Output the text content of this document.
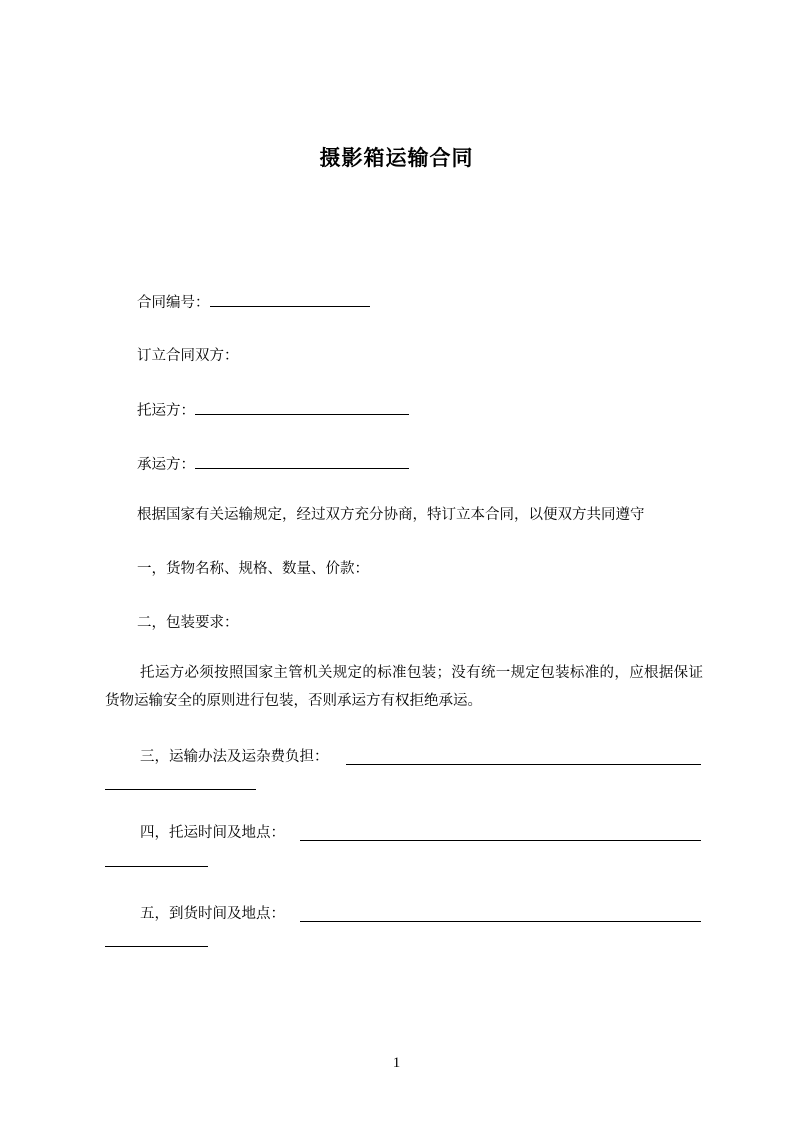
摄影箱运输合同
合同编号：
订立合同双方：
托运方：
承运方：
根据国家有关运输规定，经过双方充分协商，特订立本合同，以便双方共同遵守
一，货物名称、规格、数量、价款：
二，包装要求：
托运方必须按照国家主管机关规定的标准包装；没有统一规定包装标准的，应根据保证货物运输安全的原则进行包装，否则承运方有权拒绝承运。
三，运输办法及运杂费负担：
四，托运时间及地点：
五，到货时间及地点：
1
